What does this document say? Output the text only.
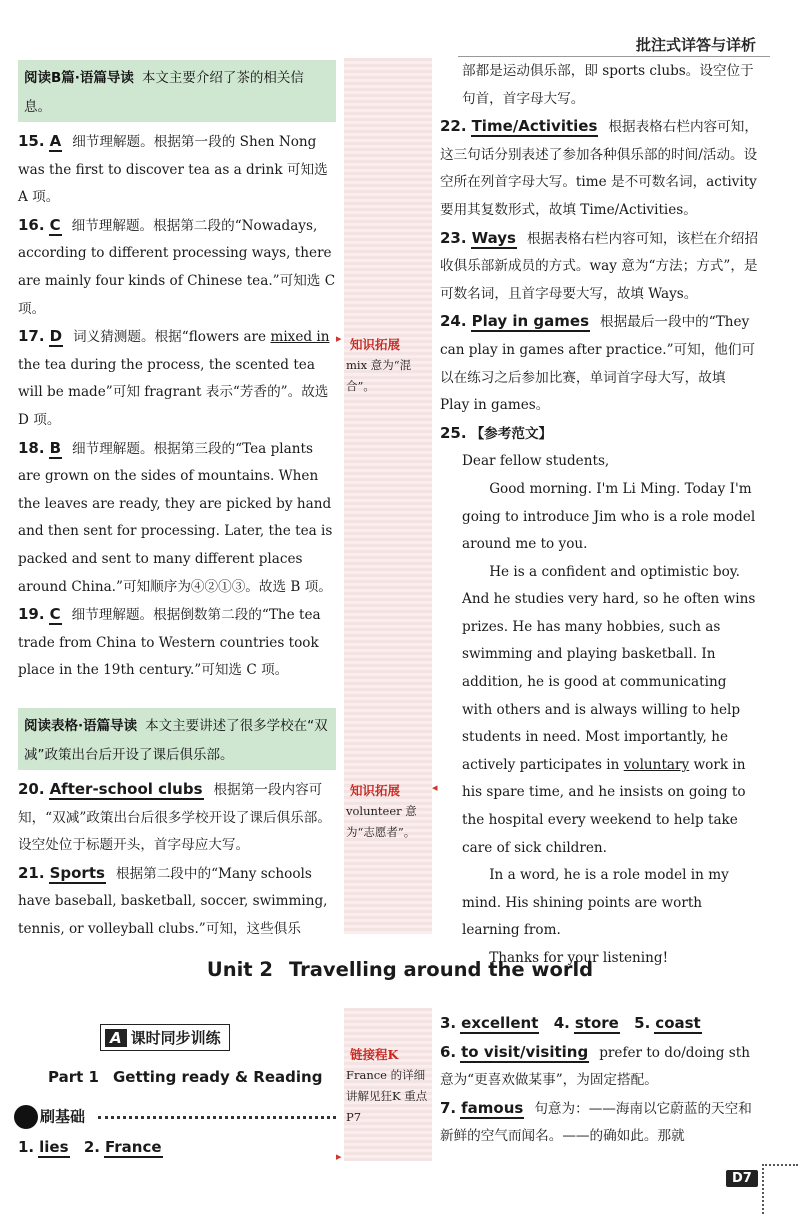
批注式详答与详析
阅读B篇·语篇导读 本文主要介绍了茶的相关信息。
15. A 细节理解题。根据第一段的 Shen Nong was the first to discover tea as a drink 可知选 A 项。
16. C 细节理解题。根据第二段的“Nowadays, according to different processing ways, there are mainly four kinds of Chinese tea.”可知选 C 项。
17. D 词义猜测题。根据“flowers are mixed in the tea during the process, the scented tea will be made”可知 fragrant 表示“芳香的”。故选 D 项。
18. B 细节理解题。根据第三段的“Tea plants are grown on the sides of mountains. When the leaves are ready, they are picked by hand and then sent for processing. Later, the tea is packed and sent to many different places around China.”可知顺序为④②①③。故选 B 项。
19. C 细节理解题。根据倒数第二段的“The tea trade from China to Western countries took place in the 19th century.”可知选 C 项。
阅读表格·语篇导读 本文主要讲述了很多学校在“双减”政策出台后开设了课后俱乐部。
20. After-school clubs 根据第一段内容可知，“双减”政策出台后很多学校开设了课后俱乐部。设空处位于标题开头，首字母应大写。
21. Sports 根据第二段中的“Many schools have baseball, basketball, soccer, swimming, tennis, or volleyball clubs.”可知，这些俱乐
▸ 知识拓展
mix 意为“混合”。
◂
知识拓展
volunteer 意为“志愿者”。
链接程K
France 的详细讲解见狂K 重点 P7
▸
部都是运动俱乐部，即 sports clubs。设空位于句首，首字母大写。
22. Time/Activities 根据表格右栏内容可知，这三句话分别表述了参加各种俱乐部的时间/活动。设空所在列首字母大写。time 是不可数名词，activity 要用其复数形式，故填 Time/Activities。
23. Ways 根据表格右栏内容可知，该栏在介绍招收俱乐部新成员的方式。way 意为“方法；方式”，是可数名词，且首字母要大写，故填 Ways。
24. Play in games 根据最后一段中的“They can play in games after practice.”可知，他们可以在练习之后参加比赛，单词首字母大写，故填 Play in games。
25. 【参考范文】

Dear fellow students,

Good morning. I'm Li Ming. Today I'm going to introduce Jim who is a role model around me to you.

He is a confident and optimistic boy. And he studies very hard, so he often wins prizes. He has many hobbies, such as swimming and playing basketball. In addition, he is good at communicating with others and is always willing to help students in need. Most importantly, he actively participates in voluntary work in his spare time, and he insists on going to the hospital every weekend to help take care of sick children.

In a word, he is a role model in my mind. His shining points are worth learning from.

Thanks for your listening!

Unit 2 Travelling around the world
A 课时同步训练
Part 1 Getting ready & Reading
刷基础
1. lies 2. France
3. excellent 4. store 5. coast
6. to visit/visiting prefer to do/doing sth 意为“更喜欢做某事”，为固定搭配。
7. famous 句意为：——海南以它蔚蓝的天空和新鲜的空气而闻名。——的确如此。那就
D7
